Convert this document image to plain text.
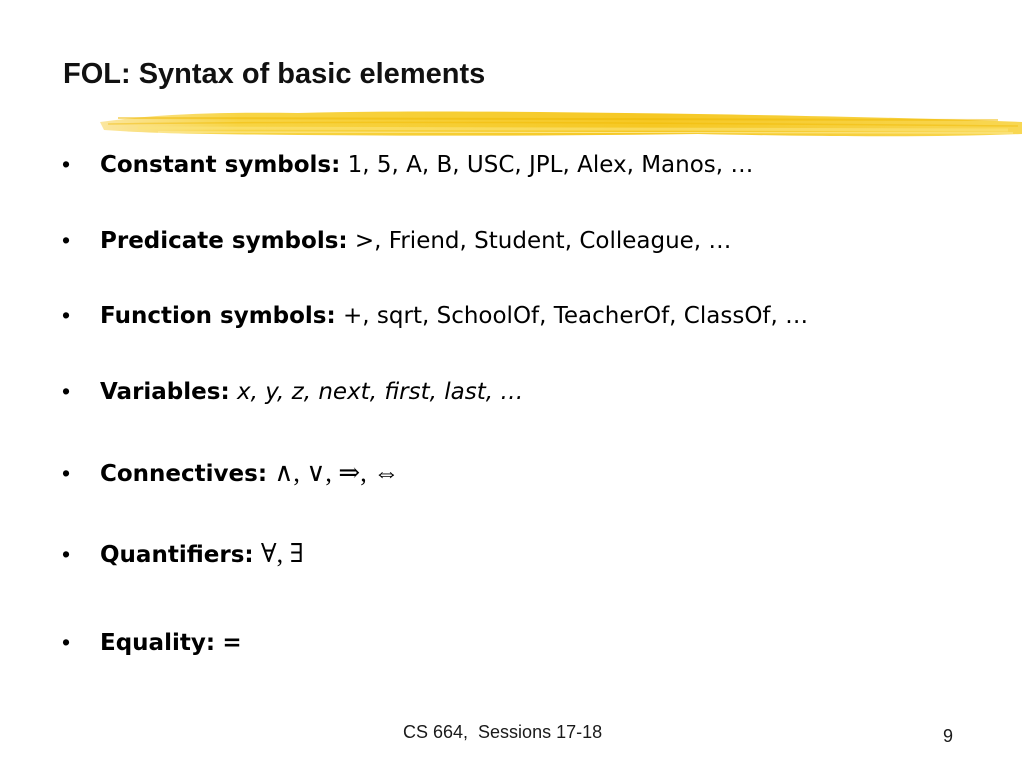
FOL: Syntax of basic elements
• Constant symbols: 1, 5, A, B, USC, JPL, Alex, Manos, …
• Predicate symbols: >, Friend, Student, Colleague, …
• Function symbols: +, sqrt, SchoolOf, TeacherOf, ClassOf, …
• Variables: x, y, z, next, first, last, …
• Connectives: ∧, ∨, ⇒, ⇔
• Quantifiers: ∀, ∃
• Equality: =
CS 664,  Sessions 17-18	9
